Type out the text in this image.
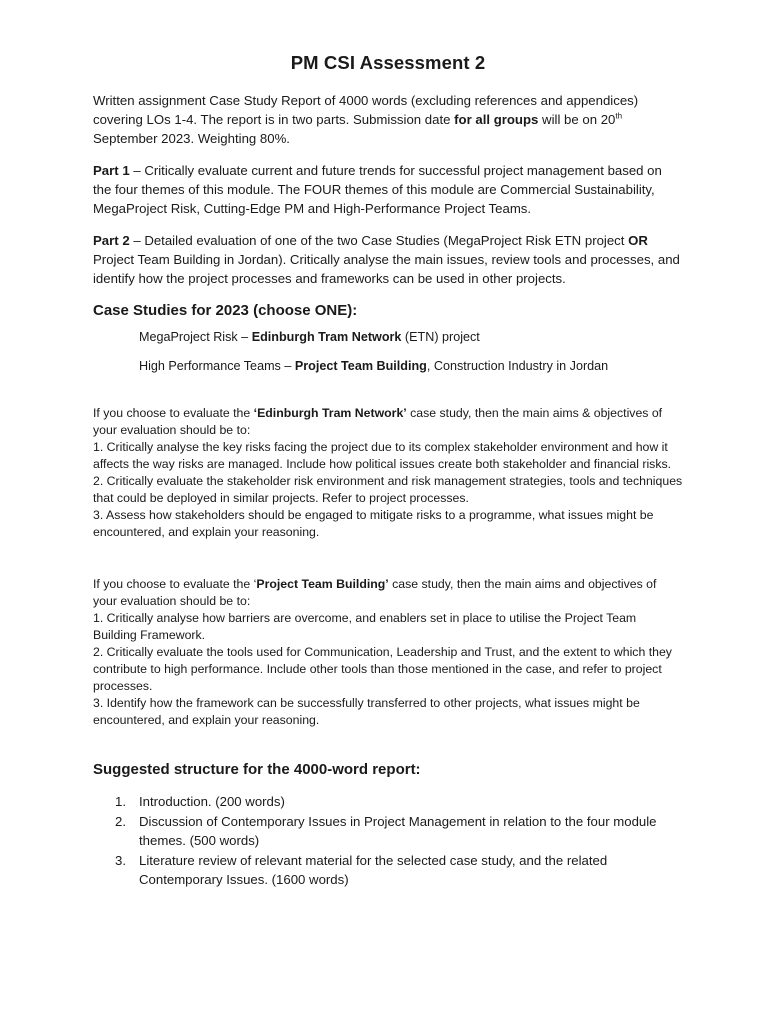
PM CSI Assessment 2

Written assignment Case Study Report of 4000 words (excluding references and appendices) covering LOs 1-4. The report is in two parts. Submission date for all groups will be on 20th September 2023. Weighting 80%.

Part 1 – Critically evaluate current and future trends for successful project management based on the four themes of this module. The FOUR themes of this module are Commercial Sustainability, MegaProject Risk, Cutting-Edge PM and High-Performance Project Teams.

Part 2 – Detailed evaluation of one of the two Case Studies (MegaProject Risk ETN project OR Project Team Building in Jordan). Critically analyse the main issues, review tools and processes, and identify how the project processes and frameworks can be used in other projects.

Case Studies for 2023 (choose ONE):

MegaProject Risk – Edinburgh Tram Network (ETN) project

High Performance Teams – Project Team Building, Construction Industry in Jordan

If you choose to evaluate the ‘Edinburgh Tram Network’ case study, then the main aims & objectives of your evaluation should be to:

1. Critically analyse the key risks facing the project due to its complex stakeholder environment and how it affects the way risks are managed. Include how political issues create both stakeholder and financial risks.

2. Critically evaluate the stakeholder risk environment and risk management strategies, tools and techniques that could be deployed in similar projects. Refer to project processes.

3. Assess how stakeholders should be engaged to mitigate risks to a programme, what issues might be encountered, and explain your reasoning.

If you choose to evaluate the ‘Project Team Building’ case study, then the main aims and objectives of your evaluation should be to:

1. Critically analyse how barriers are overcome, and enablers set in place to utilise the Project Team Building Framework.

2. Critically evaluate the tools used for Communication, Leadership and Trust, and the extent to which they contribute to high performance. Include other tools than those mentioned in the case, and refer to project processes.

3. Identify how the framework can be successfully transferred to other projects, what issues might be encountered, and explain your reasoning.

Suggested structure for the 4000-word report:
1. Introduction. (200 words)
2. Discussion of Contemporary Issues in Project Management in relation to the four module themes. (500 words)
3. Literature review of relevant material for the selected case study, and the related Contemporary Issues. (1600 words)
